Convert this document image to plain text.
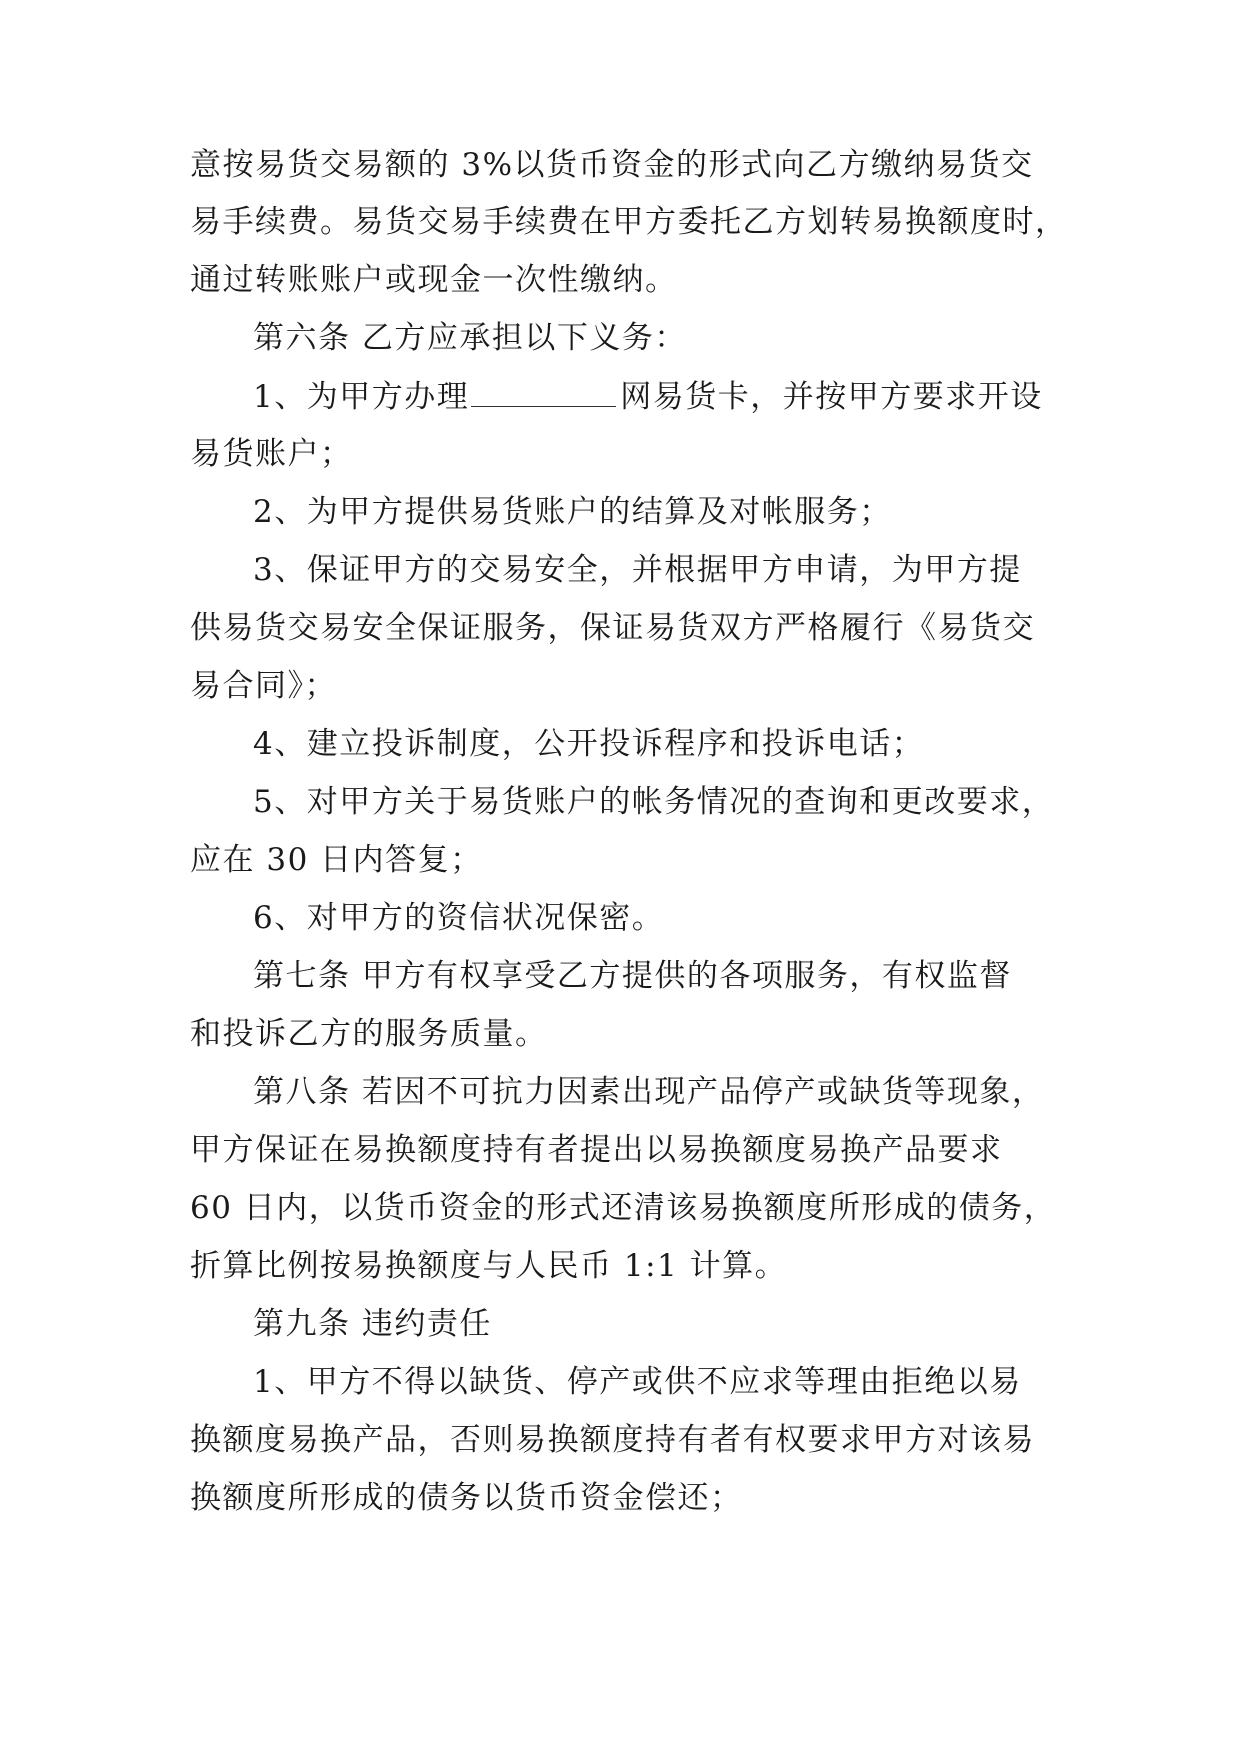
意按易货交易额的 3%以货币资金的形式向乙方缴纳易货交
易手续费。易货交易手续费在甲方委托乙方划转易换额度时，
通过转账账户或现金一次性缴纳。
第六条 乙方应承担以下义务：
1、为甲方办理	网易货卡，并按甲方要求开设
易货账户；
2、为甲方提供易货账户的结算及对帐服务；
3、保证甲方的交易安全，并根据甲方申请，为甲方提
供易货交易安全保证服务，保证易货双方严格履行《易货交
易合同》；
4、建立投诉制度，公开投诉程序和投诉电话；
5、对甲方关于易货账户的帐务情况的查询和更改要求，
应在 30 日内答复；
6、对甲方的资信状况保密。
第七条 甲方有权享受乙方提供的各项服务，有权监督
和投诉乙方的服务质量。
第八条 若因不可抗力因素出现产品停产或缺货等现象，
甲方保证在易换额度持有者提出以易换额度易换产品要求
60 日内，以货币资金的形式还清该易换额度所形成的债务，
折算比例按易换额度与人民币 1:1 计算。
第九条 违约责任
1、甲方不得以缺货、停产或供不应求等理由拒绝以易
换额度易换产品，否则易换额度持有者有权要求甲方对该易
换额度所形成的债务以货币资金偿还；
